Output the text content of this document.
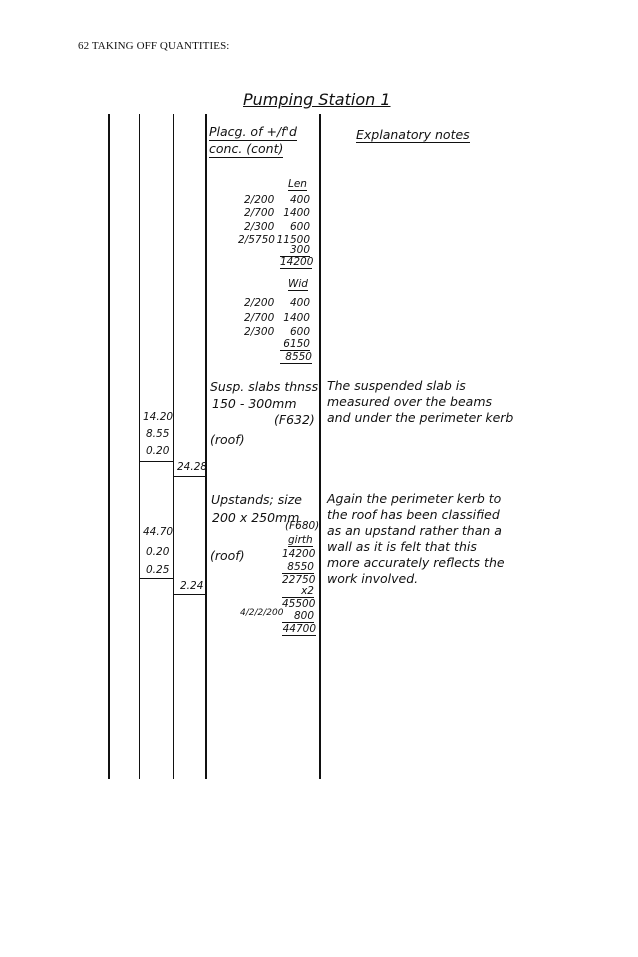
62 TAKING OFF QUANTITIES:
Pumping Station 1
Placg. of +/f'd
conc. (cont)
Explanatory notes
Len
2/200	400
2/700 1400
2/300	600
2/5750 11500
300
14200
Wid
2/200	400
2/700 1400
2/300	600
6150
8550
Susp. slabs thnss
150 - 300mm
(F632)
(roof)
14.20
8.55
0.20
24.28
The suspended slab is
measured over the beams
and under the perimeter kerb
Upstands; size
200 x 250mm
(F680)
(roof)
44.70
0.20
0.25
2.24
girth
14200
8550
22750
x2
45500
4/2/2/200	800
44700
Again the perimeter kerb to
the roof has been classified
as an upstand rather than a
wall as it is felt that this
more accurately reflects the
work involved.
